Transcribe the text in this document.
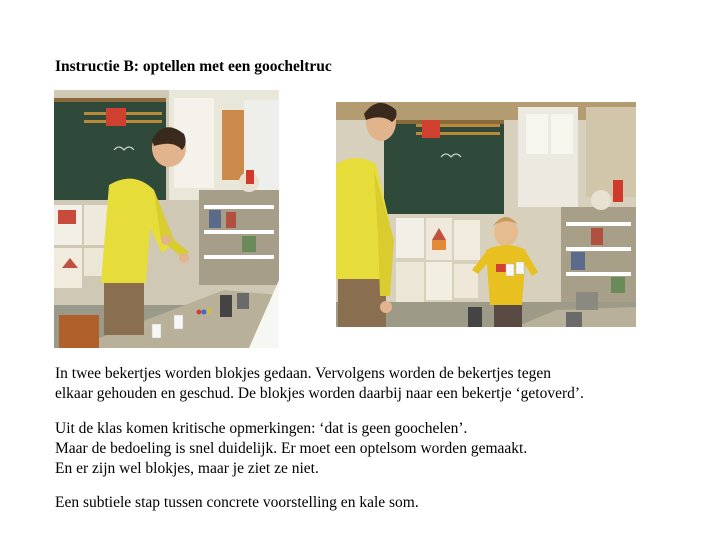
Instructie B: optellen met een goocheltruc
In twee bekertjes worden blokjes gedaan. Vervolgens worden de bekertjes tegen
elkaar gehouden en geschud. De blokjes worden daarbij naar een bekertje ‘getoverd’.
Uit de klas komen kritische opmerkingen: ‘dat is geen goochelen’.
Maar de bedoeling is snel duidelijk. Er moet een optelsom worden gemaakt.
En er zijn wel blokjes, maar je ziet ze niet.
Een subtiele stap tussen concrete voorstelling en kale som.
